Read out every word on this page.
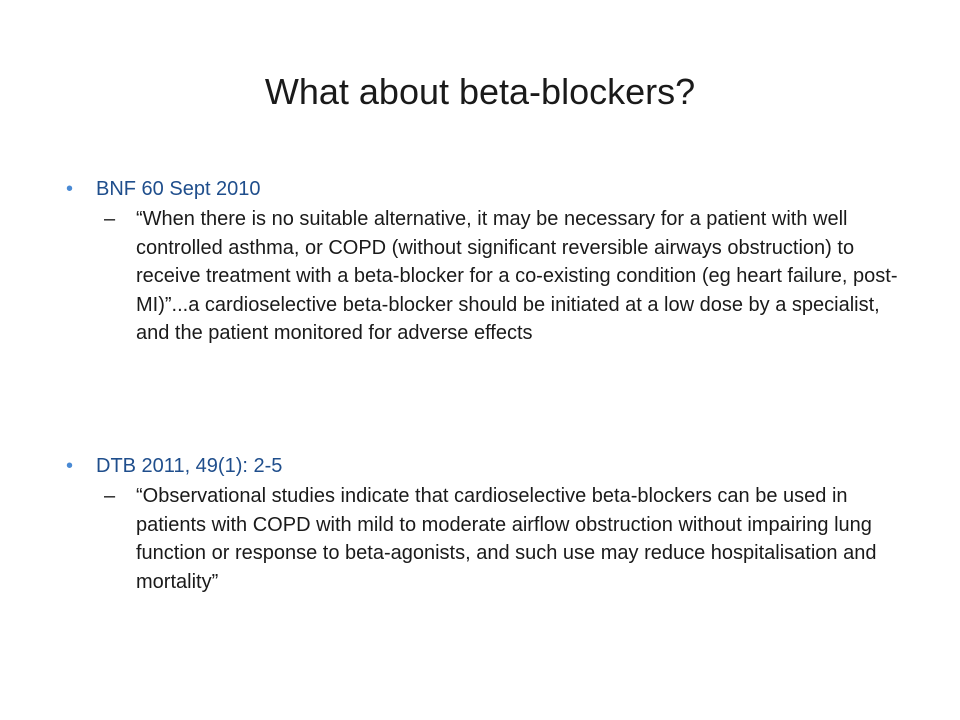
What about beta-blockers?
• BNF 60 Sept 2010
– “When there is no suitable alternative, it may be necessary for a patient with well controlled asthma, or COPD (without significant reversible airways obstruction) to receive treatment with a beta-blocker for a co-existing condition (eg heart failure, post-MI)”...a cardioselective beta-blocker should be initiated at a low dose by a specialist, and the patient monitored for adverse effects
• DTB 2011, 49(1): 2-5
– “Observational studies indicate that cardioselective beta-blockers can be used in patients with COPD with mild to moderate airflow obstruction without impairing lung function or response to beta-agonists, and such use may reduce hospitalisation and mortality”
